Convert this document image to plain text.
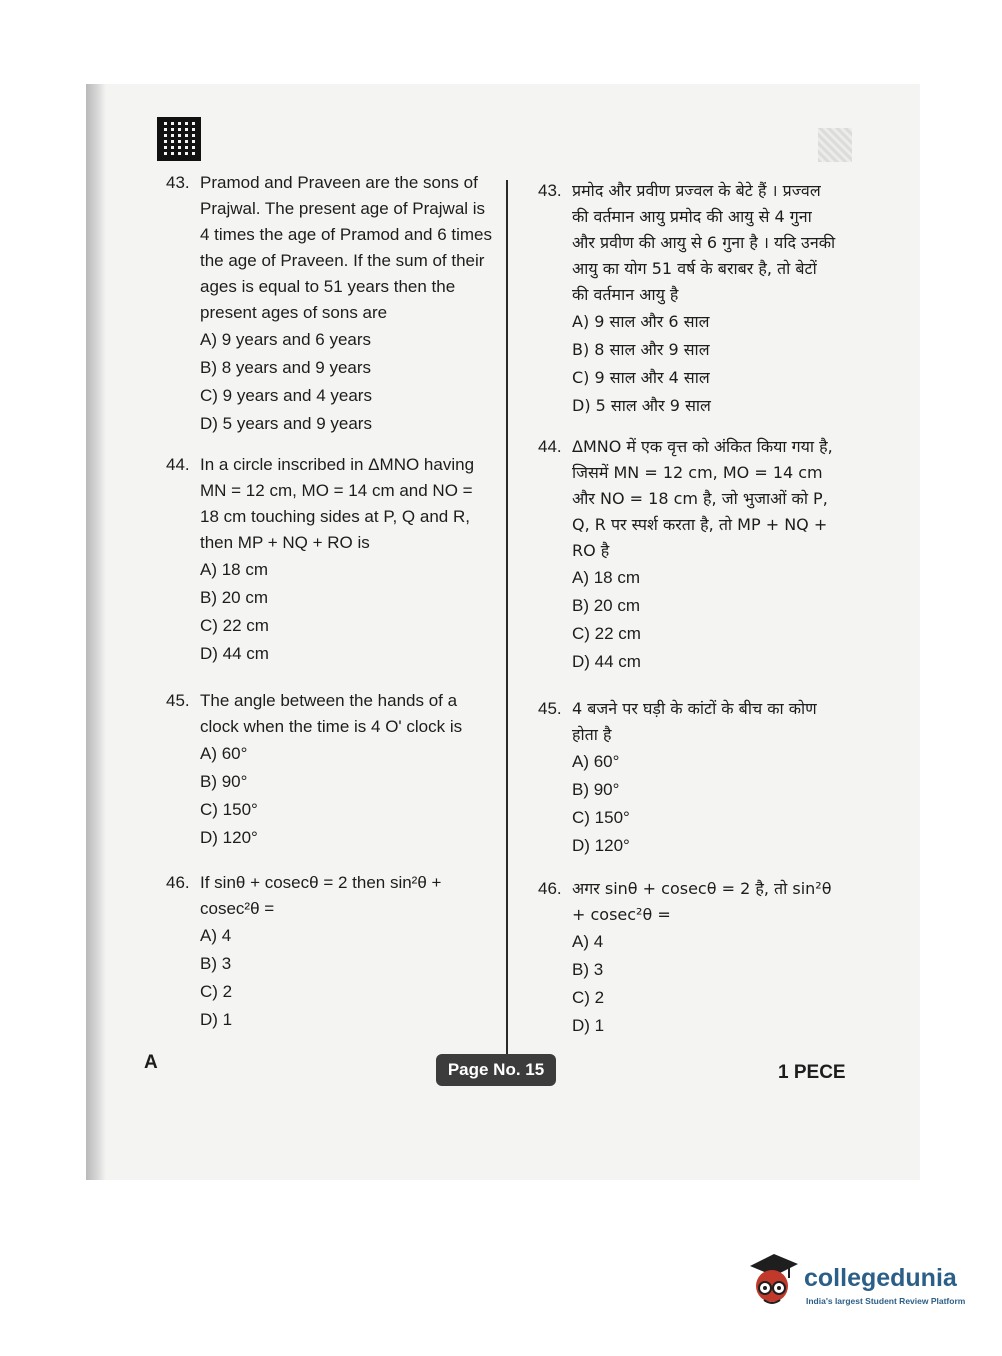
43. Pramod and Praveen are the sons of Prajwal. The present age of Prajwal is 4 times the age of Pramod and 6 times the age of Praveen. If the sum of their ages is equal to 51 years then the present ages of sons are
A) 9 years and 6 years
B) 8 years and 9 years
C) 9 years and 4 years
D) 5 years and 9 years
44. In a circle inscribed in ΔMNO having MN = 12 cm, MO = 14 cm and NO = 18 cm touching sides at P, Q and R, then MP + NQ + RO is
A) 18 cm
B) 20 cm
C) 22 cm
D) 44 cm
45. The angle between the hands of a clock when the time is 4 O' clock is
A) 60°
B) 90°
C) 150°
D) 120°
46. If sinθ + cosecθ = 2 then sin²θ + cosec²θ =
A) 4
B) 3
C) 2
D) 1
43. प्रमोद और प्रवीण प्रज्वल के बेटे हैं । प्रज्वल की वर्तमान आयु प्रमोद की आयु से 4 गुना और प्रवीण की आयु से 6 गुना है । यदि उनकी आयु का योग 51 वर्ष के बराबर है, तो बेटों की वर्तमान आयु है
A) 9 साल और 6 साल
B) 8 साल और 9 साल
C) 9 साल और 4 साल
D) 5 साल और 9 साल
44. ΔMNO में एक वृत्त को अंकित किया गया है, जिसमें MN = 12 cm, MO = 14 cm और NO = 18 cm है, जो भुजाओं को P, Q, R पर स्पर्श करता है, तो MP + NQ + RO है
A) 18 cm
B) 20 cm
C) 22 cm
D) 44 cm
45. 4 बजने पर घड़ी के कांटों के बीच का कोण होता है
A) 60°
B) 90°
C) 150°
D) 120°
46. अगर sinθ + cosecθ = 2 है, तो sin²θ + cosec²θ =
A) 4
B) 3
C) 2
D) 1
A	Page No. 15	1 PECE
collegedunia
India's largest Student Review Platform
